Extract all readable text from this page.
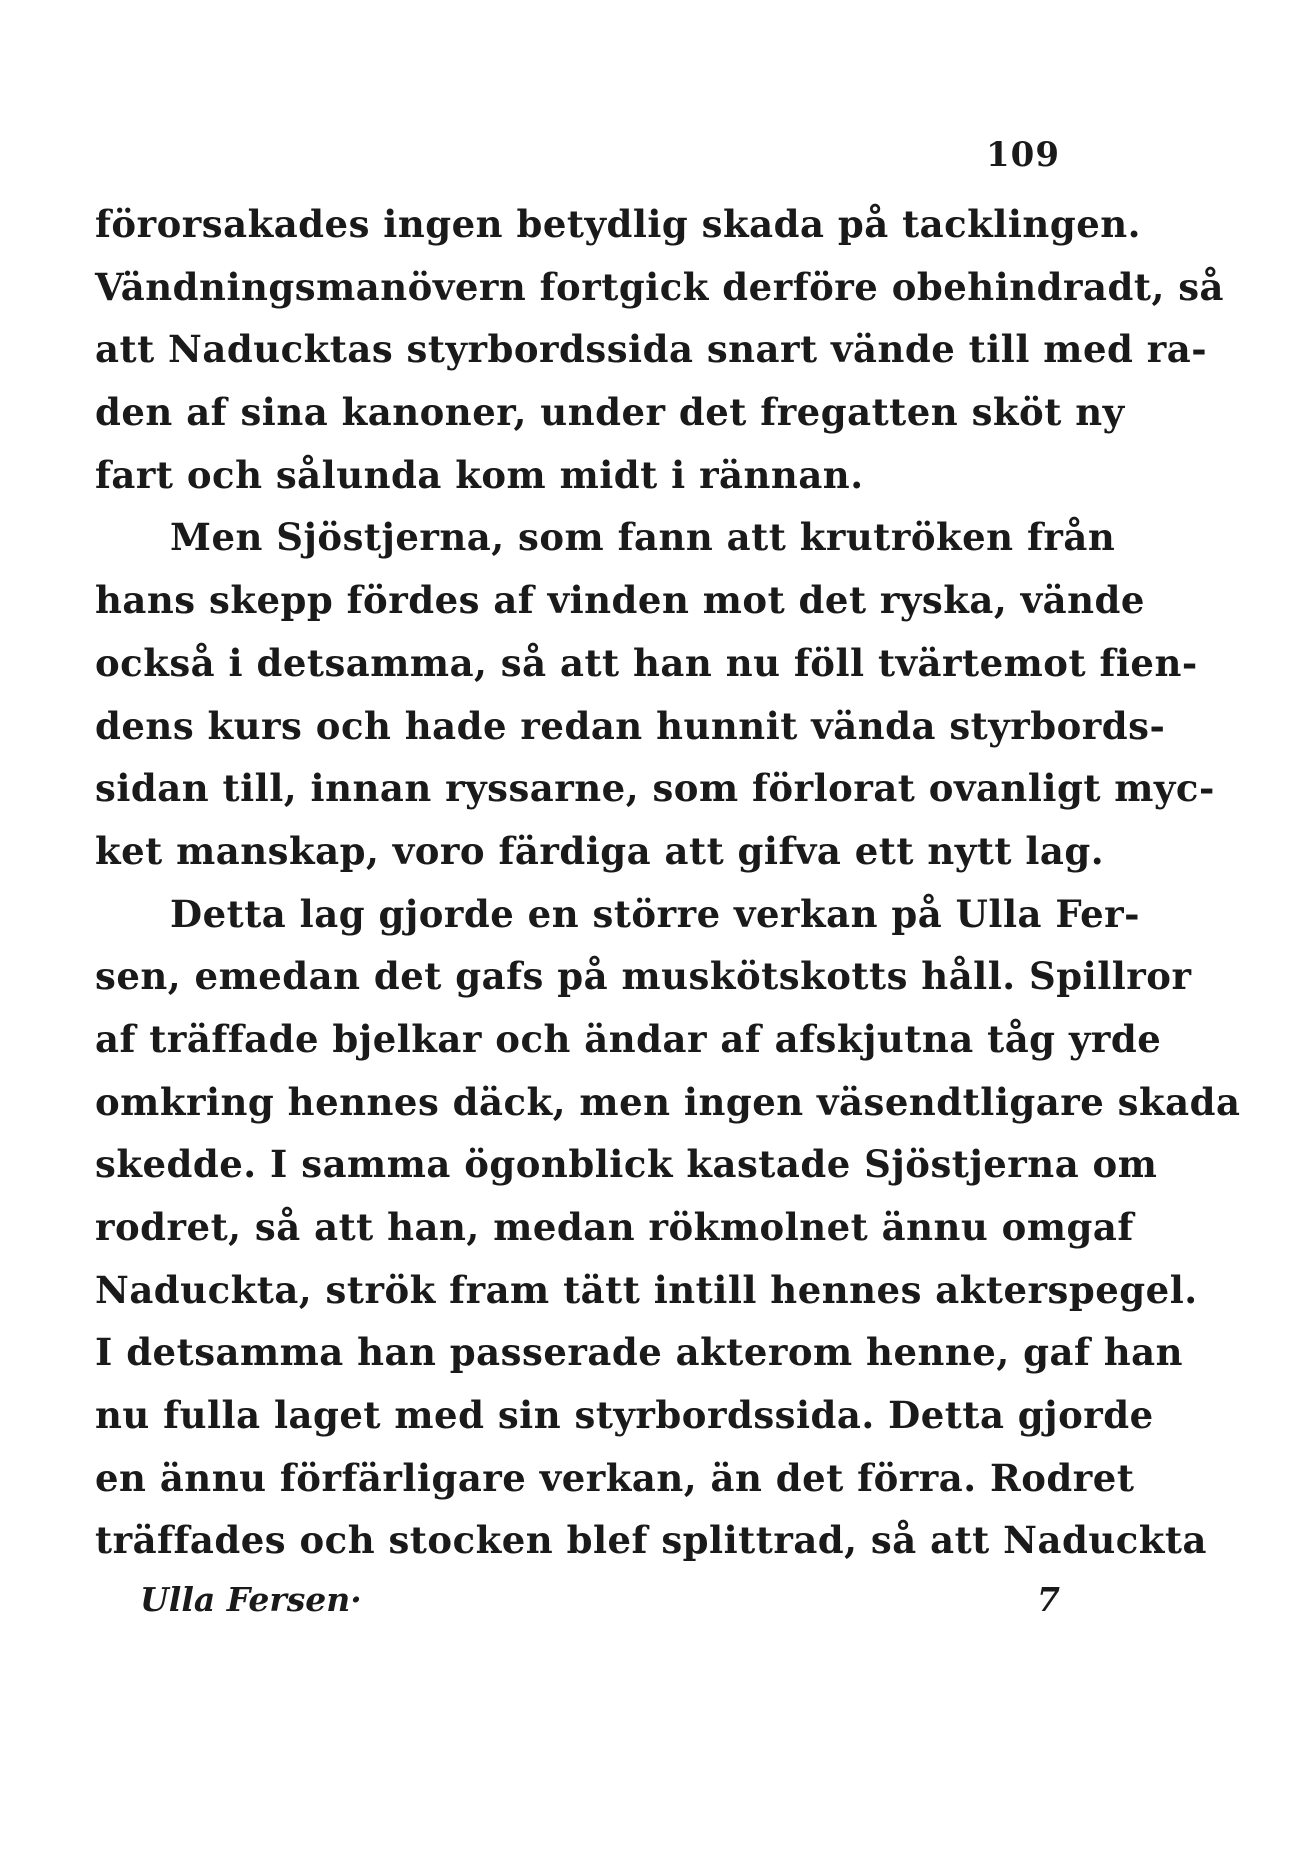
109
förorsakades ingen betydlig skada på tacklingen.
Vändningsmanövern fortgick derföre obehindradt, så
att Naducktas styrbordssida snart vände till med ra-
den af sina kanoner, under det fregatten sköt ny
fart och sålunda kom midt i rännan.
Men Sjöstjerna, som fann att krutröken från
hans skepp fördes af vinden mot det ryska, vände
också i detsamma, så att han nu föll tvärtemot fien-
dens kurs och hade redan hunnit vända styrbords-
sidan till, innan ryssarne, som förlorat ovanligt myc-
ket manskap, voro färdiga att gifva ett nytt lag.
Detta lag gjorde en större verkan på Ulla Fer-
sen, emedan det gafs på muskötskotts håll. Spillror
af träffade bjelkar och ändar af afskjutna tåg yrde
omkring hennes däck, men ingen väsendtligare skada
skedde. I samma ögonblick kastade Sjöstjerna om
rodret, så att han, medan rökmolnet ännu omgaf
Naduckta, strök fram tätt intill hennes akterspegel.
I detsamma han passerade akterom henne, gaf han
nu fulla laget med sin styrbordssida. Detta gjorde
en ännu förfärligare verkan, än det förra. Rodret
träffades och stocken blef splittrad, så att Naduckta
Ulla Fersen·	7
